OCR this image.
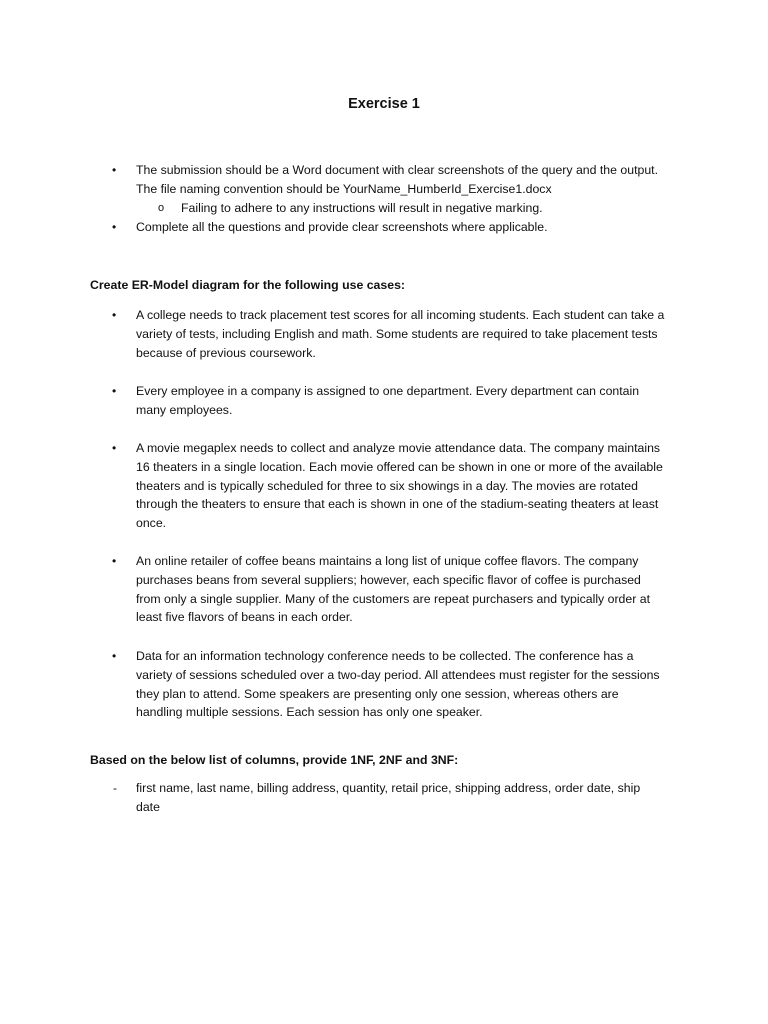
Exercise 1
• The submission should be a Word document with clear screenshots of the query and the output.
The file naming convention should be YourName_HumberId_Exercise1.docx
o Failing to adhere to any instructions will result in negative marking.
• Complete all the questions and provide clear screenshots where applicable.
Create ER-Model diagram for the following use cases:
• A college needs to track placement test scores for all incoming students. Each student can take a
variety of tests, including English and math. Some students are required to take placement tests
because of previous coursework.
• Every employee in a company is assigned to one department. Every department can contain
many employees.
• A movie megaplex needs to collect and analyze movie attendance data. The company maintains
16 theaters in a single location. Each movie offered can be shown in one or more of the available
theaters and is typically scheduled for three to six showings in a day. The movies are rotated
through the theaters to ensure that each is shown in one of the stadium-seating theaters at least
once.
• An online retailer of coffee beans maintains a long list of unique coffee flavors. The company
purchases beans from several suppliers; however, each specific flavor of coffee is purchased
from only a single supplier. Many of the customers are repeat purchasers and typically order at
least five flavors of beans in each order.
• Data for an information technology conference needs to be collected. The conference has a
variety of sessions scheduled over a two-day period. All attendees must register for the sessions
they plan to attend. Some speakers are presenting only one session, whereas others are
handling multiple sessions. Each session has only one speaker.
Based on the below list of columns, provide 1NF, 2NF and 3NF:
- first name, last name, billing address, quantity, retail price, shipping address, order date, ship
date
